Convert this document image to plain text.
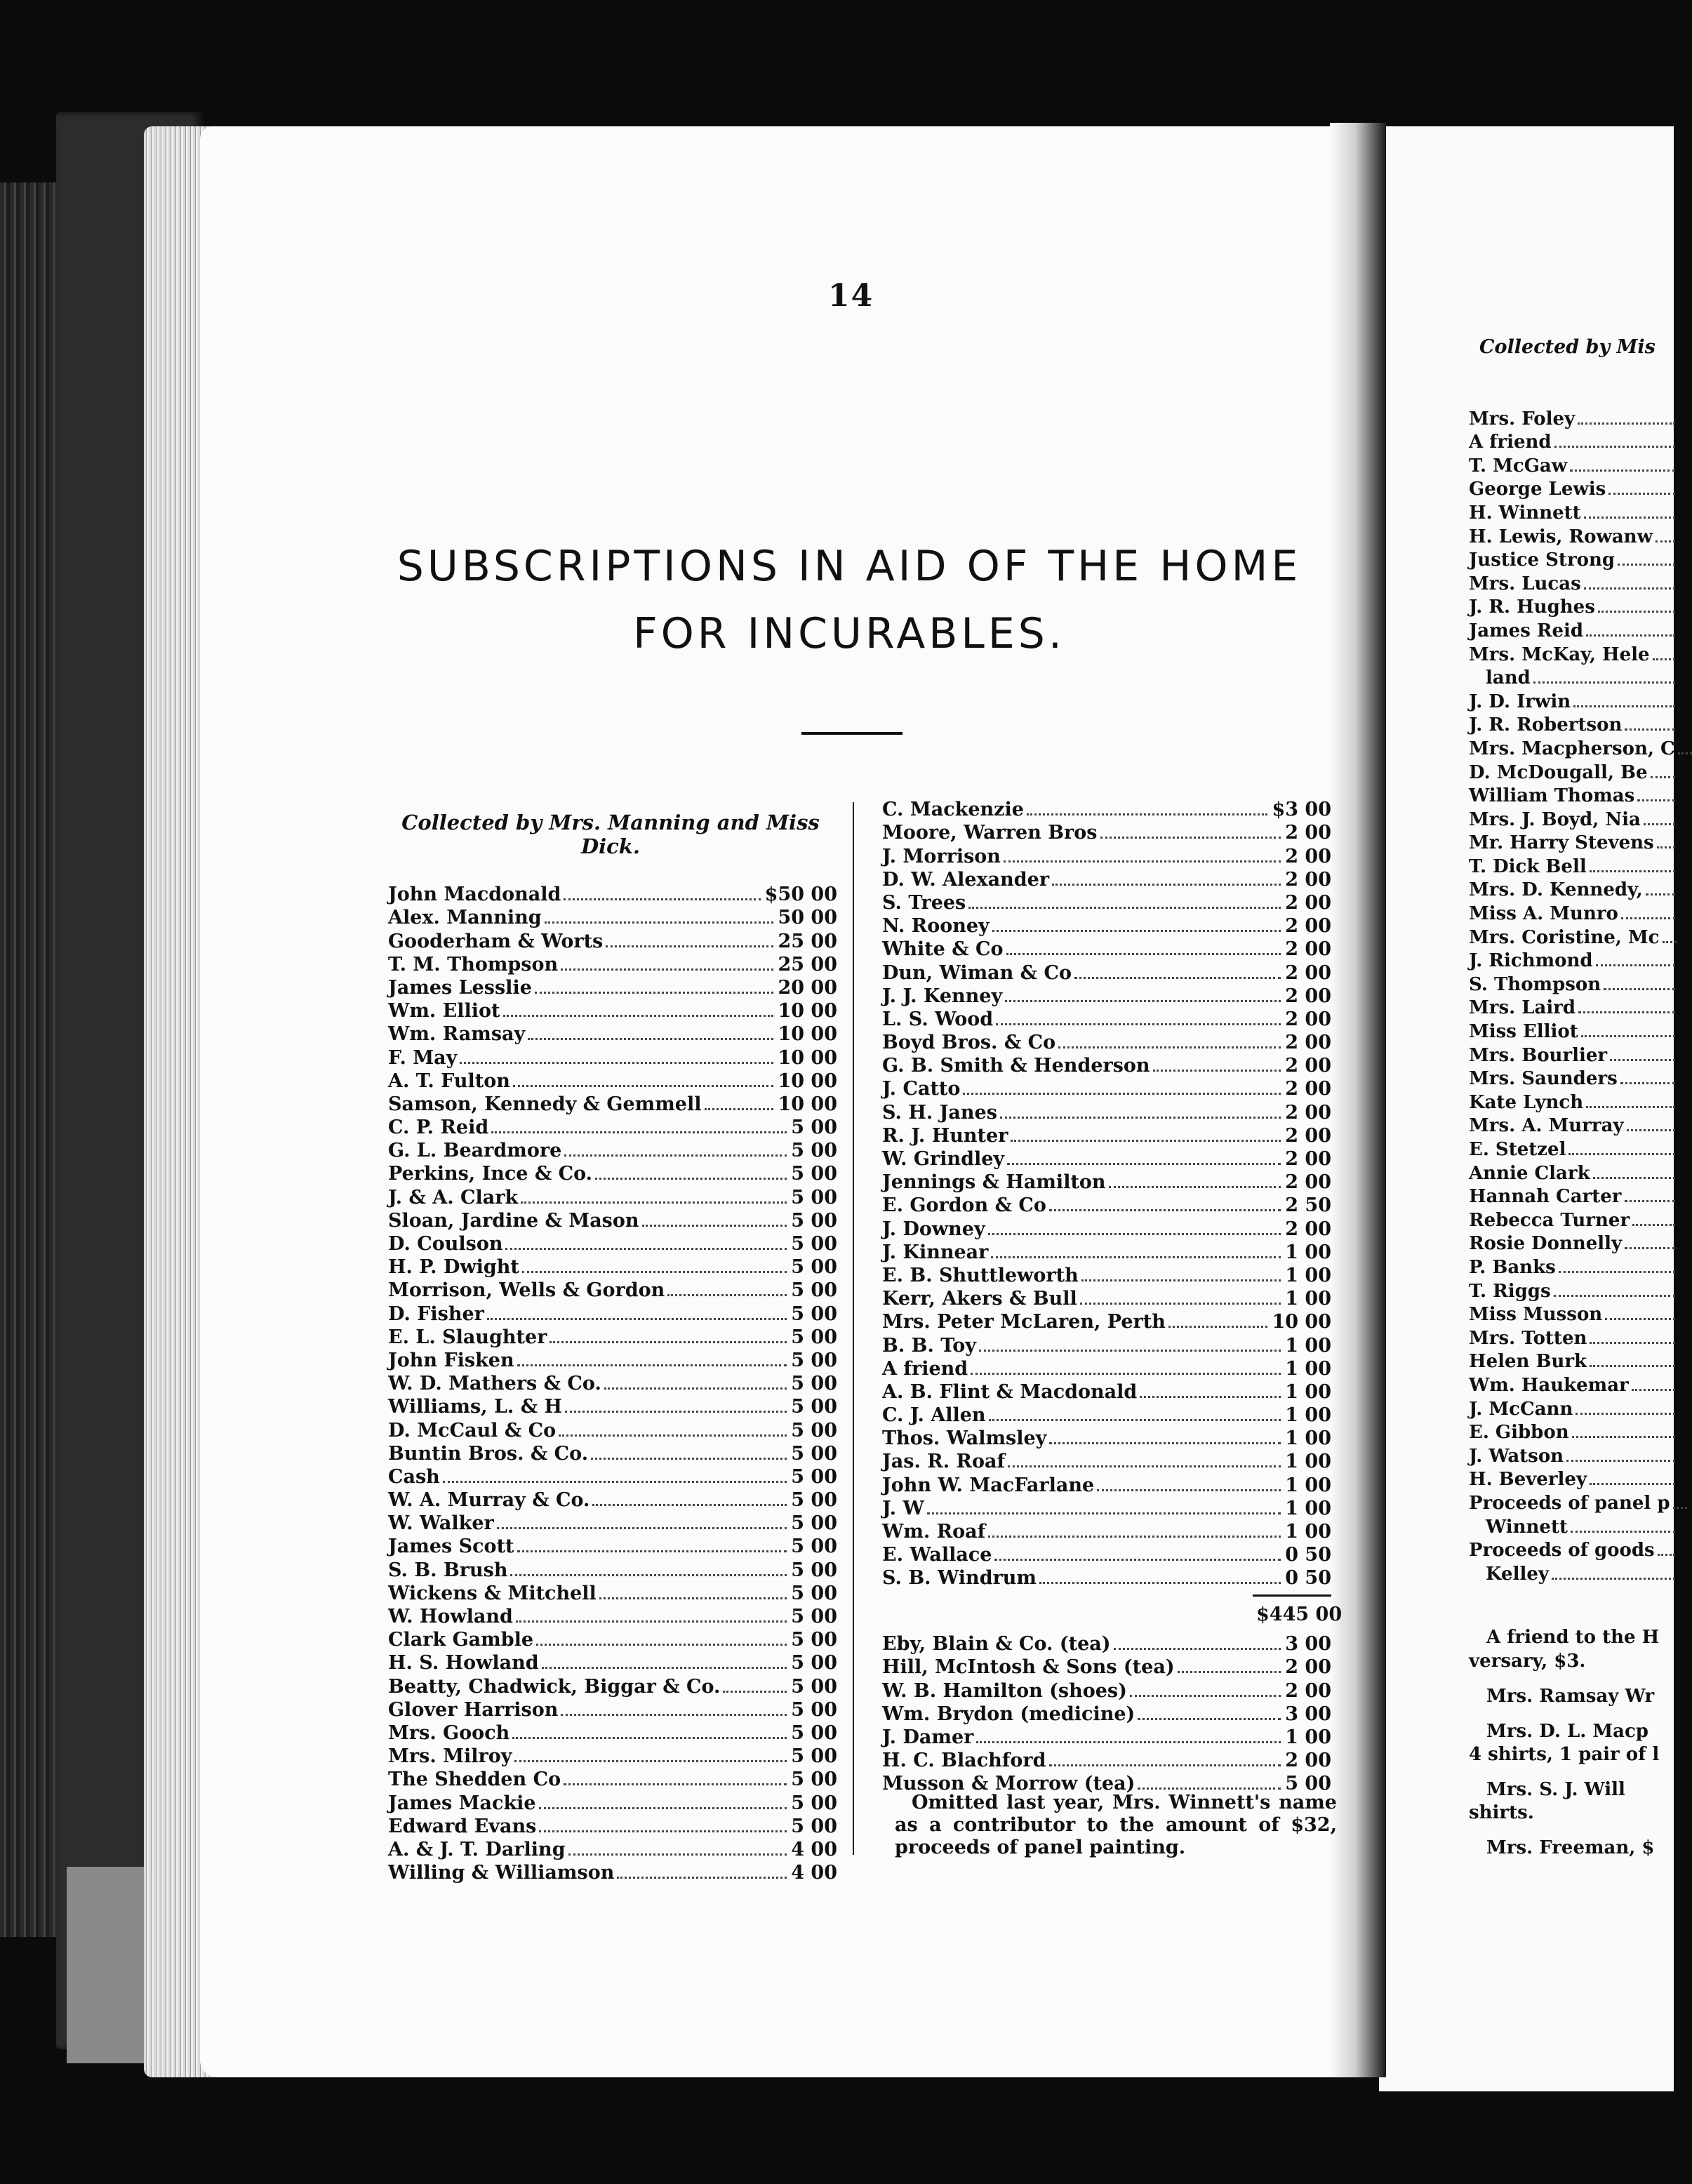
14
SUBSCRIPTIONS IN AID OF THE HOME
FOR INCURABLES.
Collected by Mrs. Manning and Miss Dick.
John Macdonald	$50 00
Alex. Manning	50 00
Gooderham & Worts	25 00
T. M. Thompson	25 00
James Lesslie	20 00
Wm. Elliot	10 00
Wm. Ramsay	10 00
F. May	10 00
A. T. Fulton	10 00
Samson, Kennedy & Gemmell	10 00
C. P. Reid	5 00
G. L. Beardmore	5 00
Perkins, Ince & Co.	5 00
J. & A. Clark	5 00
Sloan, Jardine & Mason	5 00
D. Coulson	5 00
H. P. Dwight	5 00
Morrison, Wells & Gordon	5 00
D. Fisher	5 00
E. L. Slaughter	5 00
John Fisken	5 00
W. D. Mathers & Co.	5 00
Williams, L. & H	5 00
D. McCaul & Co	5 00
Buntin Bros. & Co.	5 00
Cash	5 00
W. A. Murray & Co.	5 00
W. Walker	5 00
James Scott	5 00
S. B. Brush	5 00
Wickens & Mitchell	5 00
W. Howland	5 00
Clark Gamble	5 00
H. S. Howland	5 00
Beatty, Chadwick, Biggar & Co.	5 00
Glover Harrison	5 00
Mrs. Gooch	5 00
Mrs. Milroy	5 00
The Shedden Co	5 00
James Mackie	5 00
Edward Evans	5 00
A. & J. T. Darling	4 00
Willing & Williamson	4 00
C. Mackenzie	$3 00
Moore, Warren Bros	2 00
J. Morrison	2 00
D. W. Alexander	2 00
S. Trees	2 00
N. Rooney	2 00
White & Co	2 00
Dun, Wiman & Co	2 00
J. J. Kenney	2 00
L. S. Wood	2 00
Boyd Bros. & Co	2 00
G. B. Smith & Henderson	2 00
J. Catto	2 00
S. H. Janes	2 00
R. J. Hunter	2 00
W. Grindley	2 00
Jennings & Hamilton	2 00
E. Gordon & Co	2 50
J. Downey	2 00
J. Kinnear	1 00
E. B. Shuttleworth	1 00
Kerr, Akers & Bull	1 00
Mrs. Peter McLaren, Perth	10 00
B. B. Toy	1 00
A friend	1 00
A. B. Flint & Macdonald	1 00
C. J. Allen	1 00
Thos. Walmsley	1 00
Jas. R. Roaf	1 00
John W. MacFarlane	1 00
J. W	1 00
Wm. Roaf	1 00
E. Wallace	0 50
S. B. Windrum	0 50
$445 00
Eby, Blain & Co. (tea)	3 00
Hill, McIntosh & Sons (tea)	2 00
W. B. Hamilton (shoes)	2 00
Wm. Brydon (medicine)	3 00
J. Damer	1 00
H. C. Blachford	2 00
Musson & Morrow (tea)	5 00
Omitted last year, Mrs. Winnett's name as a contributor to the amount of $32, proceeds of panel painting.
Collected by Mis
Mrs. Foley
A friend
T. McGaw
George Lewis
H. Winnett
H. Lewis, Rowanw
Justice Strong
Mrs. Lucas
J. R. Hughes
James Reid
Mrs. McKay, Hele
land
J. D. Irwin
J. R. Robertson
Mrs. Macpherson, C
D. McDougall, Be
William Thomas
Mrs. J. Boyd, Nia
Mr. Harry Stevens
T. Dick Bell
Mrs. D. Kennedy,
Miss A. Munro
Mrs. Coristine, Mc
J. Richmond
S. Thompson
Mrs. Laird
Miss Elliot
Mrs. Bourlier
Mrs. Saunders
Kate Lynch
Mrs. A. Murray
E. Stetzel
Annie Clark
Hannah Carter
Rebecca Turner
Rosie Donnelly
P. Banks
T. Riggs
Miss Musson
Mrs. Totten
Helen Burk
Wm. Haukemar
J. McCann
E. Gibbon
J. Watson
H. Beverley
Proceeds of panel p
Winnett
Proceeds of goods
Kelley
A friend to the H
versary, $3.
Mrs. Ramsay Wr
Mrs. D. L. Macp
4 shirts, 1 pair of l
Mrs. S. J. Will
shirts.
Mrs. Freeman, $
